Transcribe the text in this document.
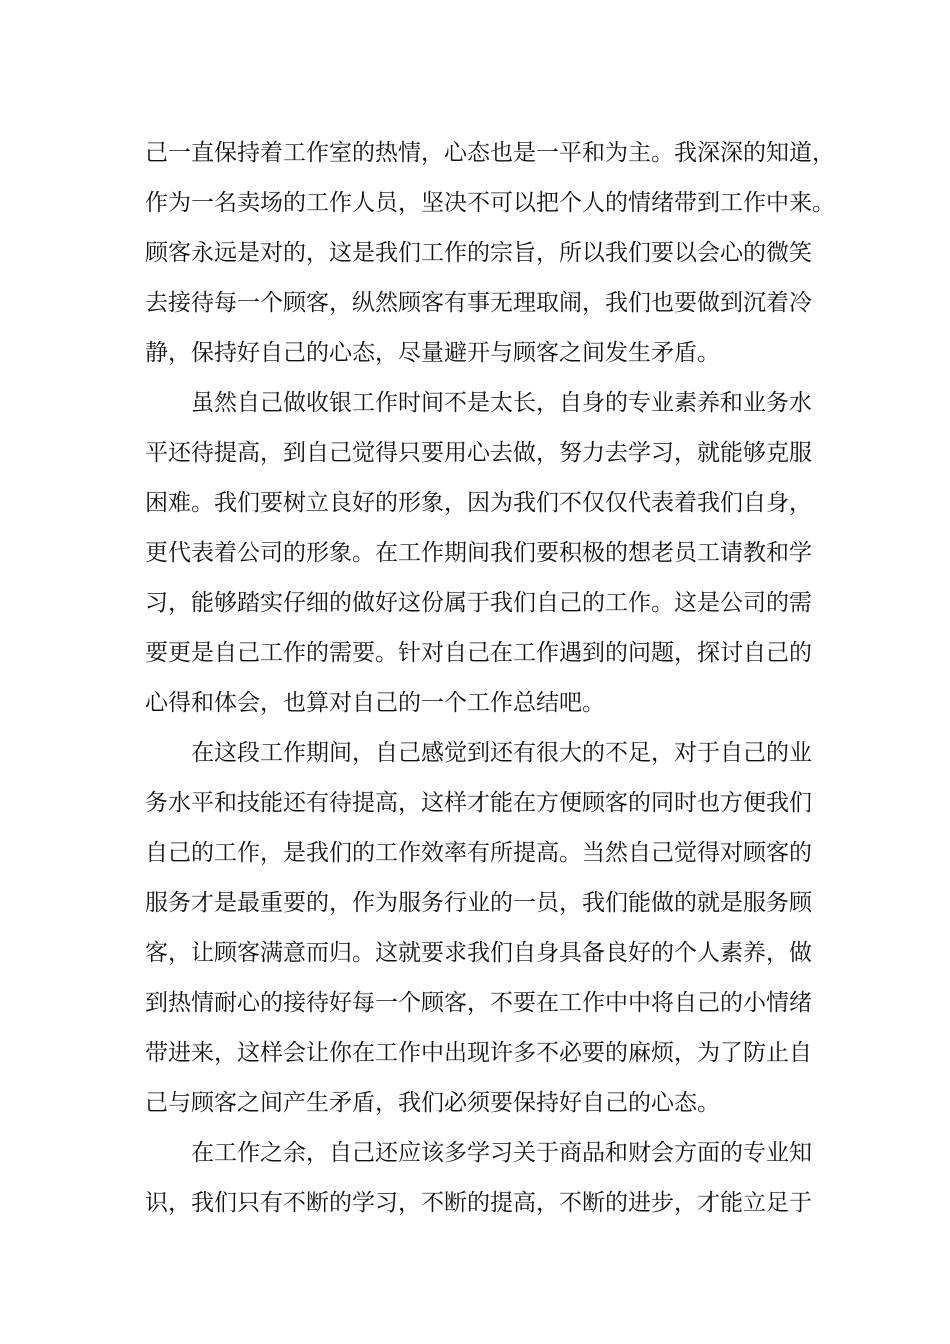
己一直保持着工作室的热情，心态也是一平和为主。我深深的知道，
作为一名卖场的工作人员，坚决不可以把个人的情绪带到工作中来。
顾客永远是对的，这是我们工作的宗旨，所以我们要以会心的微笑
去接待每一个顾客，纵然顾客有事无理取闹，我们也要做到沉着冷
静，保持好自己的心态，尽量避开与顾客之间发生矛盾。
虽然自己做收银工作时间不是太长，自身的专业素养和业务水
平还待提高，到自己觉得只要用心去做，努力去学习，就能够克服
困难。我们要树立良好的形象，因为我们不仅仅代表着我们自身，
更代表着公司的形象。在工作期间我们要积极的想老员工请教和学
习，能够踏实仔细的做好这份属于我们自己的工作。这是公司的需
要更是自己工作的需要。针对自己在工作遇到的问题，探讨自己的
心得和体会，也算对自己的一个工作总结吧。
在这段工作期间，自己感觉到还有很大的不足，对于自己的业
务水平和技能还有待提高，这样才能在方便顾客的同时也方便我们
自己的工作，是我们的工作效率有所提高。当然自己觉得对顾客的
服务才是最重要的，作为服务行业的一员，我们能做的就是服务顾
客，让顾客满意而归。这就要求我们自身具备良好的个人素养，做
到热情耐心的接待好每一个顾客，不要在工作中中将自己的小情绪
带进来，这样会让你在工作中出现许多不必要的麻烦，为了防止自
己与顾客之间产生矛盾，我们必须要保持好自己的心态。
在工作之余，自己还应该多学习关于商品和财会方面的专业知
识，我们只有不断的学习，不断的提高，不断的进步，才能立足于
